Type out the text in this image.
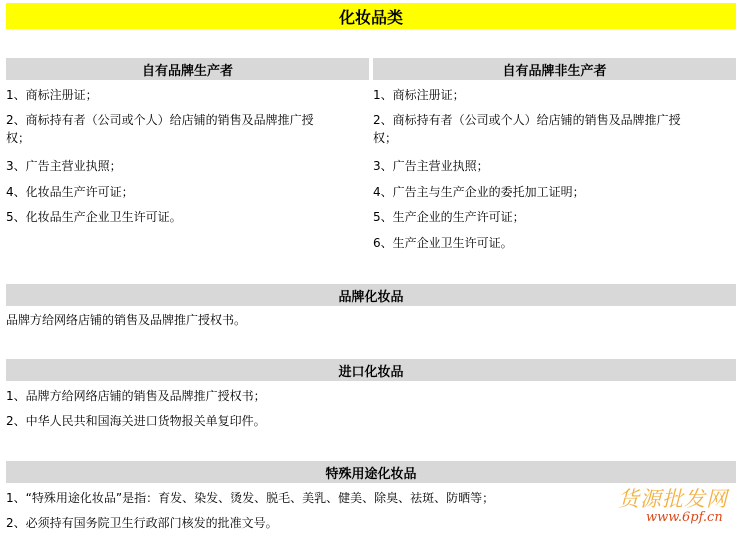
化妆品类
自有品牌生产者
1、商标注册证；
2、商标持有者（公司或个人）给店铺的销售及品牌推广授
权；
3、广告主营业执照；
4、化妆品生产许可证；
5、化妆品生产企业卫生许可证。
自有品牌非生产者
1、商标注册证；
2、商标持有者（公司或个人）给店铺的销售及品牌推广授
权；
3、广告主营业执照；
4、广告主与生产企业的委托加工证明；
5、生产企业的生产许可证；
6、生产企业卫生许可证。
品牌化妆品
品牌方给网络店铺的销售及品牌推广授权书。
进口化妆品
1、品牌方给网络店铺的销售及品牌推广授权书；
2、中华人民共和国海关进口货物报关单复印件。
特殊用途化妆品
1、“特殊用途化妆品”是指：育发、染发、烫发、脱毛、美乳、健美、除臭、祛斑、防晒等；
2、必须持有国务院卫生行政部门核发的批准文号。
货源批发网
www.6pf.cn
